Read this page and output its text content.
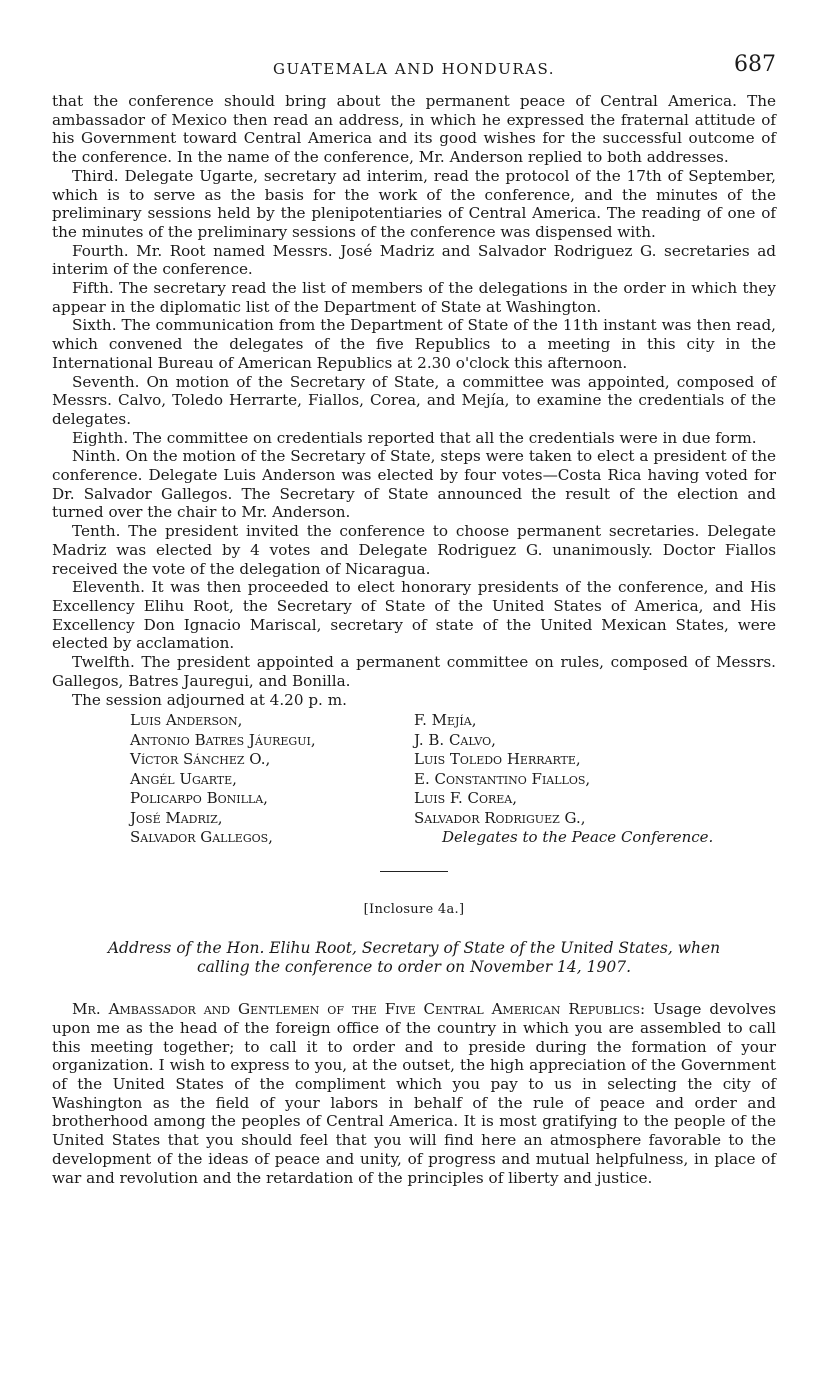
GUATEMALA AND HONDURAS.	687

that the conference should bring about the permanent peace of Central America. The ambassador of Mexico then read an address, in which he expressed the fraternal attitude of his Government toward Central America and its good wishes for the successful outcome of the conference. In the name of the conference, Mr. Anderson replied to both addresses.

Third. Delegate Ugarte, secretary ad interim, read the protocol of the 17th of September, which is to serve as the basis for the work of the conference, and the minutes of the preliminary sessions held by the plenipotentiaries of Central America. The reading of one of the minutes of the preliminary sessions of the conference was dispensed with.

Fourth. Mr. Root named Messrs. José Madriz and Salvador Rodriguez G. secretaries ad interim of the conference.

Fifth. The secretary read the list of members of the delegations in the order in which they appear in the diplomatic list of the Department of State at Washington.

Sixth. The communication from the Department of State of the 11th instant was then read, which convened the delegates of the five Republics to a meeting in this city in the International Bureau of American Republics at 2.30 o'clock this afternoon.

Seventh. On motion of the Secretary of State, a committee was appointed, composed of Messrs. Calvo, Toledo Herrarte, Fiallos, Corea, and Mejía, to examine the credentials of the delegates.

Eighth. The committee on credentials reported that all the credentials were in due form.

Ninth. On the motion of the Secretary of State, steps were taken to elect a president of the conference. Delegate Luis Anderson was elected by four votes—Costa Rica having voted for Dr. Salvador Gallegos. The Secretary of State announced the result of the election and turned over the chair to Mr. Anderson.

Tenth. The president invited the conference to choose permanent secretaries. Delegate Madriz was elected by 4 votes and Delegate Rodriguez G. unanimously. Doctor Fiallos received the vote of the delegation of Nicaragua.

Eleventh. It was then proceeded to elect honorary presidents of the conference, and His Excellency Elihu Root, the Secretary of State of the United States of America, and His Excellency Don Ignacio Mariscal, secretary of state of the United Mexican States, were elected by acclamation.

Twelfth. The president appointed a permanent committee on rules, composed of Messrs. Gallegos, Batres Jauregui, and Bonilla.

The session adjourned at 4.20 p. m.

Luis Anderson,
Antonio Batres Jáuregui,
Víctor Sánchez O.,
Angél Ugarte,
Policarpo Bonilla,
José Madriz,
Salvador Gallegos,
F. Mejía,
J. B. Calvo,
Luis Toledo Herrarte,
E. Constantino Fiallos,
Luis F. Corea,
Salvador Rodriguez G.,
Delegates to the Peace Conference.
[Inclosure 4a.]
Address of the Hon. Elihu Root, Secretary of State of the United States, when
calling the conference to order on November 14, 1907.

Mr. Ambassador and Gentlemen of the Five Central American Republics: Usage devolves upon me as the head of the foreign office of the country in which you are assembled to call this meeting together; to call it to order and to preside during the formation of your organization. I wish to express to you, at the outset, the high appreciation of the Government of the United States of the compliment which you pay to us in selecting the city of Washington as the field of your labors in behalf of the rule of peace and order and brotherhood among the peoples of Central America. It is most gratifying to the people of the United States that you should feel that you will find here an atmosphere favorable to the development of the ideas of peace and unity, of progress and mutual helpfulness, in place of war and revolution and the retardation of the principles of liberty and justice.
